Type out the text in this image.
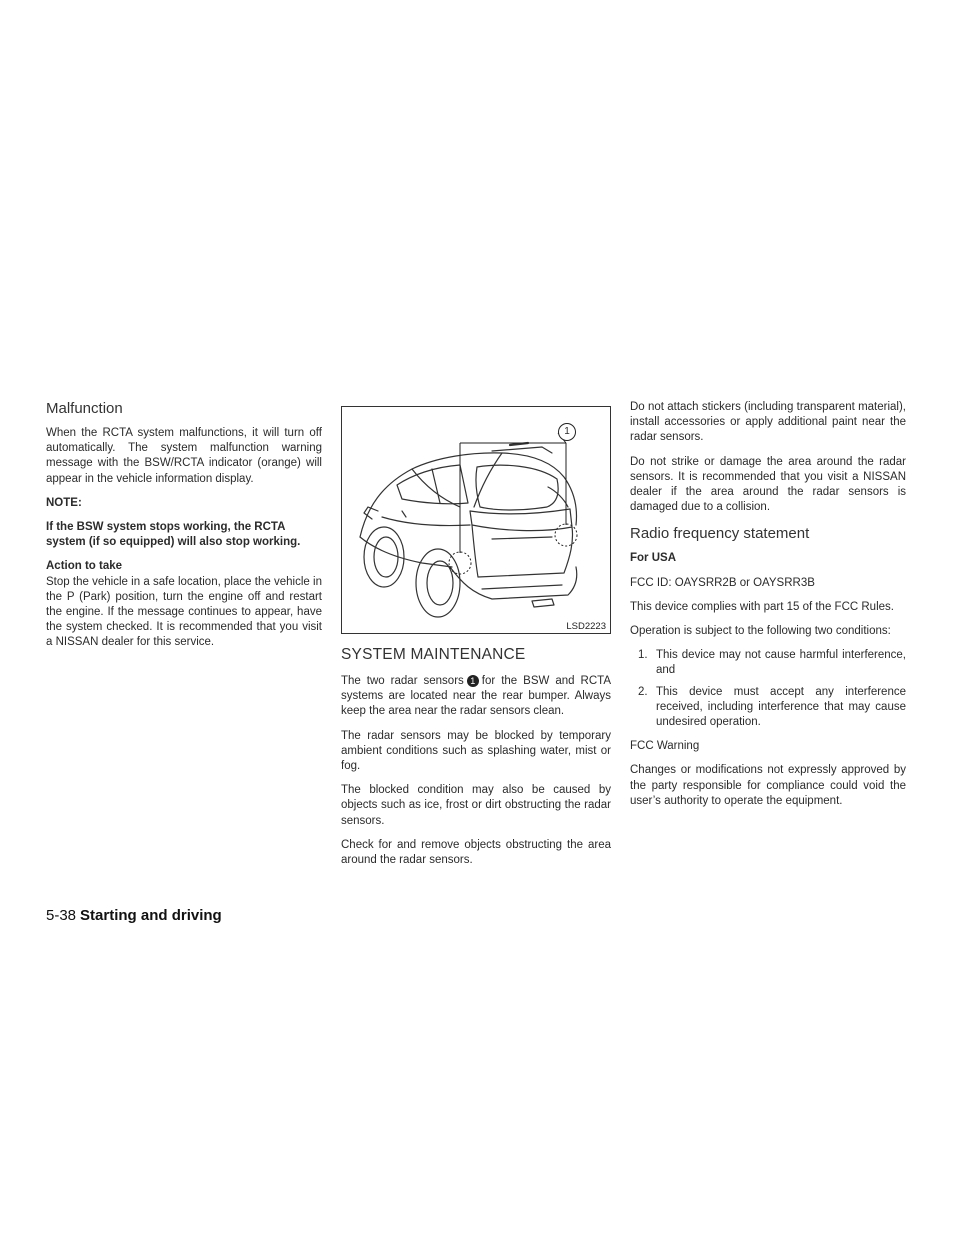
Malfunction

When the RCTA system malfunctions, it will turn off automatically. The system malfunction warning message with the BSW/RCTA indicator (orange) will appear in the vehicle information display.

NOTE:
If the BSW system stops working, the RCTA system (if so equipped) will also stop working.
Action to take

Stop the vehicle in a safe location, place the vehicle in the P (Park) position, turn the engine off and restart the engine. If the message continues to appear, have the system checked. It is recommended that you visit a NISSAN dealer for this service.

1
LSD2223
SYSTEM MAINTENANCE

The two radar sensors 1 for the BSW and RCTA systems are located near the rear bumper. Always keep the area near the radar sensors clean.

The radar sensors may be blocked by temporary ambient conditions such as splashing water, mist or fog.

The blocked condition may also be caused by objects such as ice, frost or dirt obstructing the radar sensors.

Check for and remove objects obstructing the area around the radar sensors.

Do not attach stickers (including transparent material), install accessories or apply additional paint near the radar sensors.

Do not strike or damage the area around the radar sensors. It is recommended that you visit a NISSAN dealer if the area around the radar sensors is damaged due to a collision.

Radio frequency statement
For USA

FCC ID: OAYSRR2B or OAYSRR3B

This device complies with part 15 of the FCC Rules.

Operation is subject to the following two conditions:

1. This device may not cause harmful interference, and
2. This device must accept any interference received, including interference that may cause undesired operation.

FCC Warning

Changes or modifications not expressly approved by the party responsible for compliance could void the user’s authority to operate the equipment.

5-38 Starting and driving
